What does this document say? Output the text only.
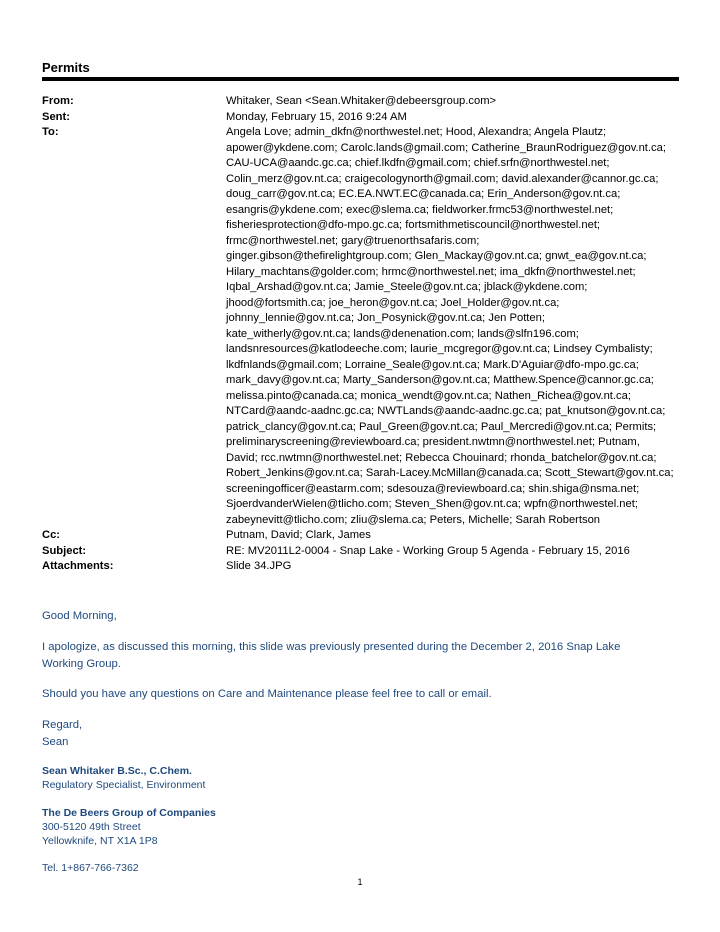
Permits
From:	Whitaker, Sean <Sean.Whitaker@debeersgroup.com>
Sent:	Monday, February 15, 2016 9:24 AM
To:	Angela Love; admin_dkfn@northwestel.net; Hood, Alexandra; Angela Plautz;
apower@ykdene.com; Carolc.lands@gmail.com; Catherine_BraunRodriguez@gov.nt.ca;
CAU-UCA@aandc.gc.ca; chief.lkdfn@gmail.com; chief.srfn@northwestel.net;
Colin_merz@gov.nt.ca; craigecologynorth@gmail.com; david.alexander@cannor.gc.ca;
doug_carr@gov.nt.ca; EC.EA.NWT.EC@canada.ca; Erin_Anderson@gov.nt.ca;
esangris@ykdene.com; exec@slema.ca; fieldworker.frmc53@northwestel.net;
fisheriesprotection@dfo-mpo.gc.ca; fortsmithmetiscouncil@northwestel.net;
frmc@northwestel.net; gary@truenorthsafaris.com;
ginger.gibson@thefirelightgroup.com; Glen_Mackay@gov.nt.ca; gnwt_ea@gov.nt.ca;
Hilary_machtans@golder.com; hrmc@northwestel.net; ima_dkfn@northwestel.net;
Iqbal_Arshad@gov.nt.ca; Jamie_Steele@gov.nt.ca; jblack@ykdene.com;
jhood@fortsmith.ca; joe_heron@gov.nt.ca; Joel_Holder@gov.nt.ca;
johnny_lennie@gov.nt.ca; Jon_Posynick@gov.nt.ca; Jen Potten;
kate_witherly@gov.nt.ca; lands@denenation.com; lands@slfn196.com;
landsnresources@katlodeeche.com; laurie_mcgregor@gov.nt.ca; Lindsey Cymbalisty;
lkdfnlands@gmail.com; Lorraine_Seale@gov.nt.ca; Mark.D'Aguiar@dfo-mpo.gc.ca;
mark_davy@gov.nt.ca; Marty_Sanderson@gov.nt.ca; Matthew.Spence@cannor.gc.ca;
melissa.pinto@canada.ca; monica_wendt@gov.nt.ca; Nathen_Richea@gov.nt.ca;
NTCard@aandc-aadnc.gc.ca; NWTLands@aandc-aadnc.gc.ca; pat_knutson@gov.nt.ca;
patrick_clancy@gov.nt.ca; Paul_Green@gov.nt.ca; Paul_Mercredi@gov.nt.ca; Permits;
preliminaryscreening@reviewboard.ca; president.nwtmn@northwestel.net; Putnam,
David; rcc.nwtmn@northwestel.net; Rebecca Chouinard; rhonda_batchelor@gov.nt.ca;
Robert_Jenkins@gov.nt.ca; Sarah-Lacey.McMillan@canada.ca; Scott_Stewart@gov.nt.ca;
screeningofficer@eastarm.com; sdesouza@reviewboard.ca; shin.shiga@nsma.net;
SjoerdvanderWielen@tlicho.com; Steven_Shen@gov.nt.ca; wpfn@northwestel.net;
zabeynevitt@tlicho.com; zliu@slema.ca; Peters, Michelle; Sarah Robertson
Cc:	Putnam, David; Clark, James
Subject:	RE: MV2011L2-0004 - Snap Lake - Working Group 5 Agenda - February 15, 2016
Attachments:	Slide 34.JPG

Good Morning,

I apologize, as discussed this morning, this slide was previously presented during the December 2, 2016 Snap Lake
Working Group.

Should you have any questions on Care and Maintenance please feel free to call or email.

Regard,

Sean

Sean Whitaker B.Sc., C.Chem.
Regulatory Specialist, Environment
The De Beers Group of Companies
300-5120 49th Street
Yellowknife, NT X1A 1P8
Tel. 1+867-766-7362
1
